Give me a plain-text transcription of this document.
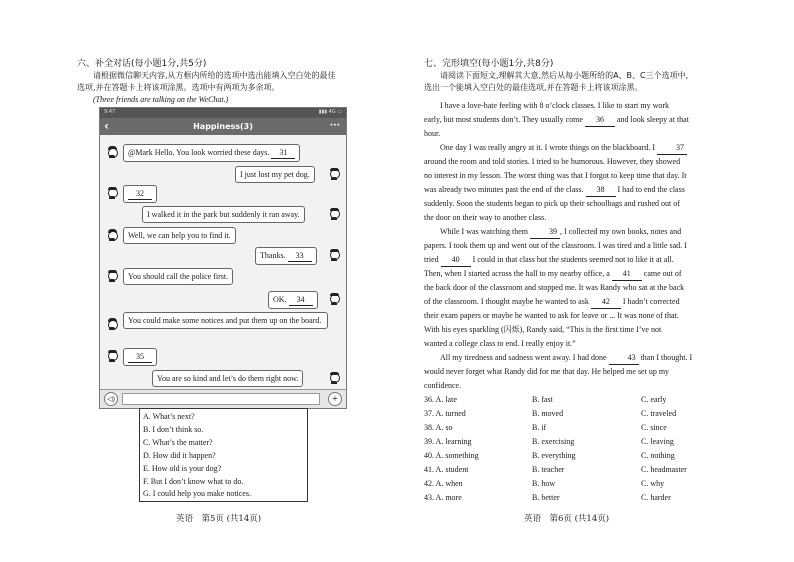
六、补全对话(每小题1分,共5分)
请根据微信聊天内容,从方框内所给的选项中选出能填入空白处的最佳
选项,并在答题卡上将该项涂黑。选项中有两项为多余项。
(Three friends are talking on the WeChat.)
9:47	▮▮▮ 4G ▭
‹	Happiness(3)	···
@Mark Hello. You look worried these days. 31
I just lost my pet dog.
32
I walked it in the park but suddenly it ran away.
Well, we can help you to find it.
Thanks. 33
You should call the police first.
OK. 34
You could make some notices and put them up on the board.
35
You are so kind and let’s do them right now.
◁)	+
A. What’s next?
B. I don’t think so.
C. What’s the matter?
D. How did it happen?
E. How old is your dog?
F. But I don’t know what to do.
G. I could help you make notices.
英语　第5页 (共14页)
七、完形填空(每小题1分,共8分)
请阅读下面短文,理解其大意,然后从每小题所给的A、B、C三个选项中,
选出一个能填入空白处的最佳选项,并在答题卡上将该项涂黑。
I have a love-hate feeling with 8 o’clock classes. I like to start my work
early, but most students don’t. They usually come 36 and look sleepy at that
hour.
One day I was really angry at it. I wrote things on the blackboard. I 37
around the room and told stories. I tried to be humorous. However, they showed
no interest in my lesson. The worst thing was that I forgot to keep time that day. It
was already two minutes past the end of the class. 38 I had to end the class
suddenly. Soon the students began to pick up their schoolbags and rushed out of
the door on their way to another class.
While I was watching them 39 , I collected my own books, notes and
papers. I took them up and went out of the classroom. I was tired and a little sad. I
tried 40 I could in that class but the students seemed not to like it at all.
Then, when I started across the hall to my nearby office, a 41 came out of
the back door of the classroom and stopped me. It was Randy who sat at the back
of the classroom. I thought maybe he wanted to ask 42 I hadn’t corrected
their exam papers or maybe he wanted to ask for leave or ... It was none of that.
With his eyes sparkling (闪烁), Randy said, “This is the first time I’ve not
wanted a college class to end. I really enjoy it.”
All my tiredness and sadness went away. I had done 43 than I thought. I
would never forget what Randy did for me that day. He helped me set up my
confidence.
36. A. late	B. fast	C. early
37. A. turned	B. moved	C. traveled
38. A. so	B. if	C. since
39. A. learning	B. exercising	C. leaving
40. A. something	B. everything	C. nothing
41. A. student	B. teacher	C. headmaster
42. A. when	B. how	C. why
43. A. more	B. better	C. harder
英语　第6页 (共14页)
